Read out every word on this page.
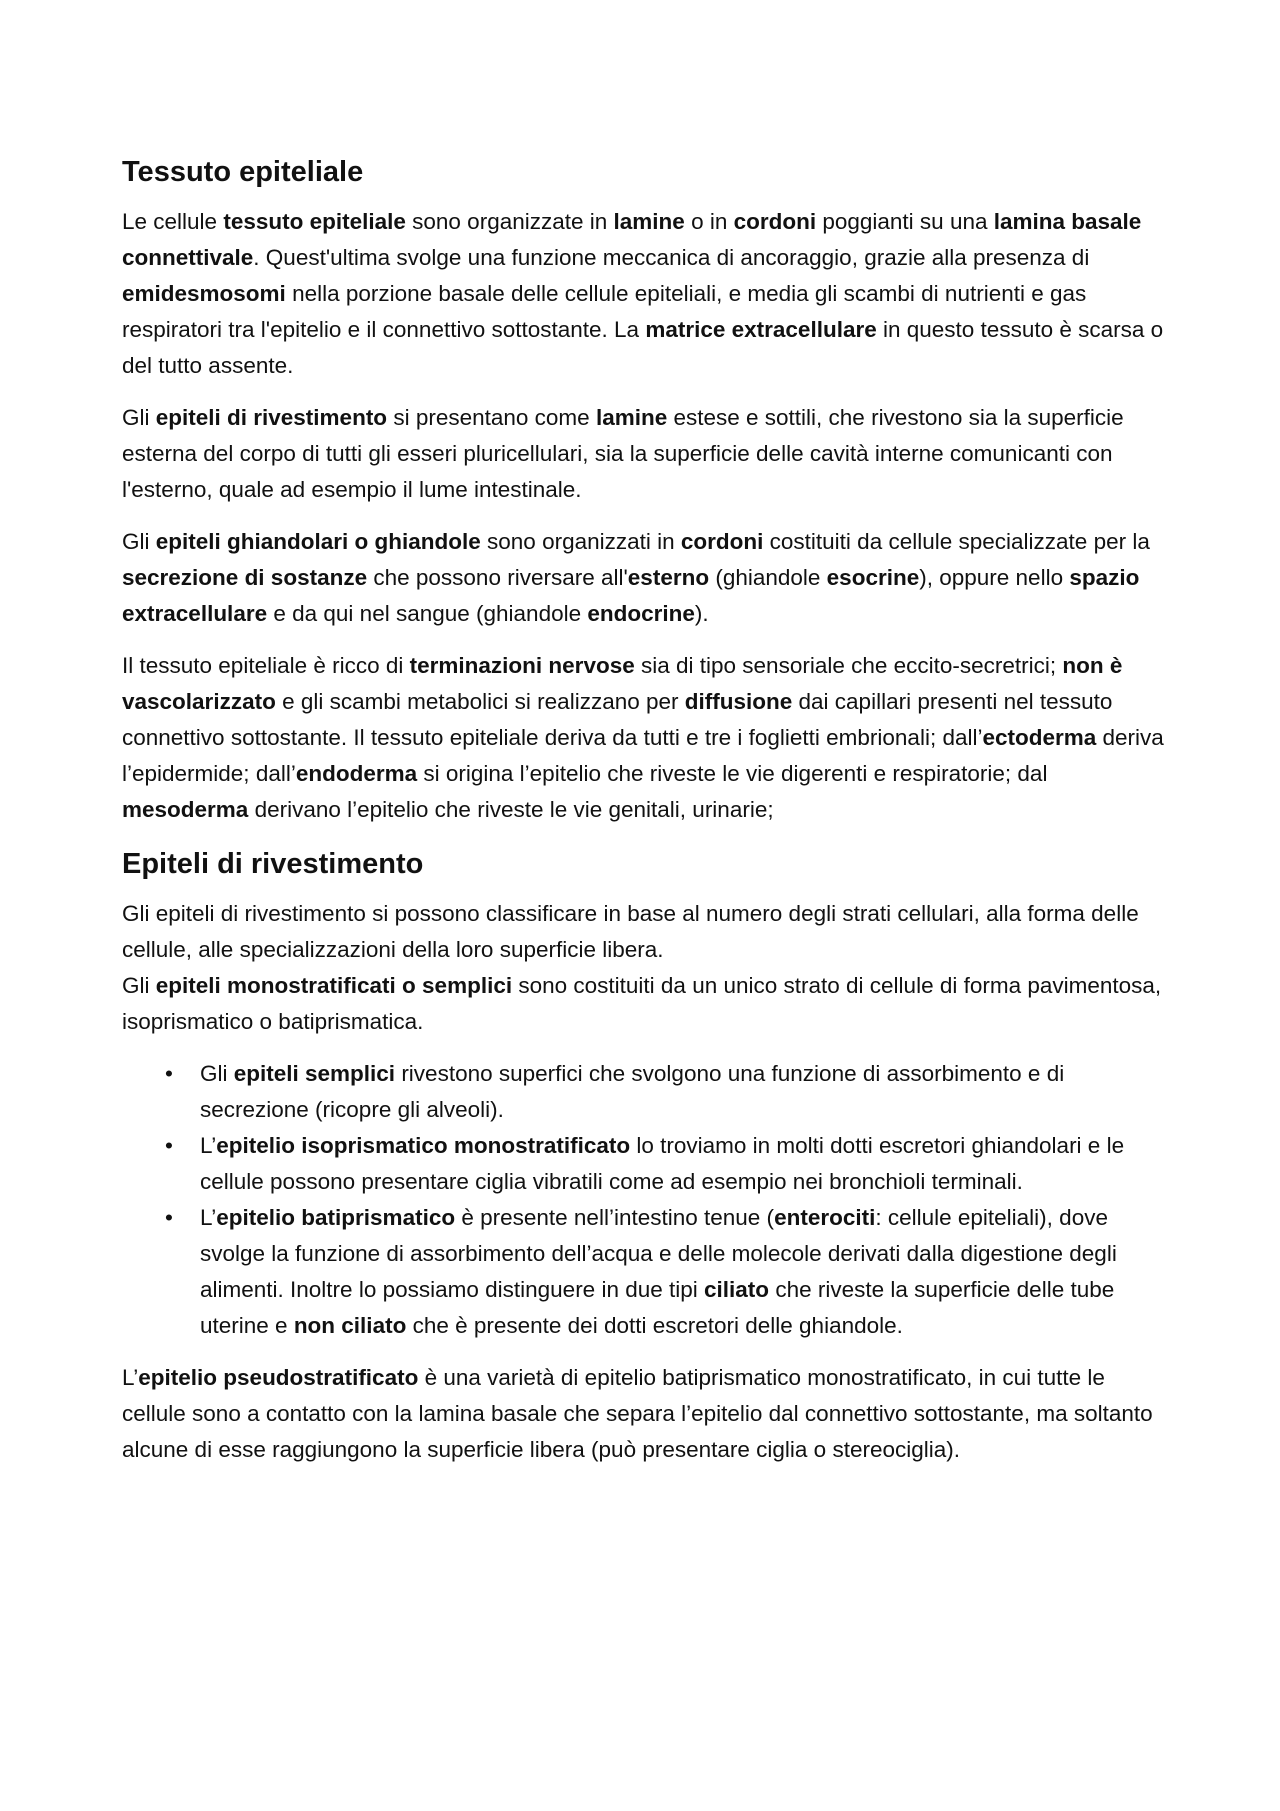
Tessuto epiteliale

Le cellule tessuto epiteliale sono organizzate in lamine o in cordoni poggianti su una lamina basale connettivale. Quest'ultima svolge una funzione meccanica di ancoraggio, grazie alla presenza di emidesmosomi nella porzione basale delle cellule epiteliali, e media gli scambi di nutrienti e gas respiratori tra l'epitelio e il connettivo sottostante. La matrice extracellulare in questo tessuto è scarsa o del tutto assente.

Gli epiteli di rivestimento si presentano come lamine estese e sottili, che rivestono sia la superficie esterna del corpo di tutti gli esseri pluricellulari, sia la superficie delle cavità interne comunicanti con l'esterno, quale ad esempio il lume intestinale.

Gli epiteli ghiandolari o ghiandole sono organizzati in cordoni costituiti da cellule specializzate per la secrezione di sostanze che possono riversare all'esterno (ghiandole esocrine), oppure nello spazio extracellulare e da qui nel sangue (ghiandole endocrine).

Il tessuto epiteliale è ricco di terminazioni nervose sia di tipo sensoriale che eccito-secretrici; non è vascolarizzato e gli scambi metabolici si realizzano per diffusione dai capillari presenti nel tessuto connettivo sottostante. Il tessuto epiteliale deriva da tutti e tre i foglietti embrionali; dall’ectoderma deriva l’epidermide; dall’endoderma si origina l’epitelio che riveste le vie digerenti e respiratorie; dal mesoderma derivano l’epitelio che riveste le vie genitali, urinarie;

Epiteli di rivestimento

Gli epiteli di rivestimento si possono classificare in base al numero degli strati cellulari, alla forma delle cellule, alle specializzazioni della loro superficie libera.

Gli epiteli monostratificati o semplici sono costituiti da un unico strato di cellule di forma pavimentosa, isoprismatico o batiprismatica.

• Gli epiteli semplici rivestono superfici che svolgono una funzione di assorbimento e di secrezione (ricopre gli alveoli).
• L’epitelio isoprismatico monostratificato lo troviamo in molti dotti escretori ghiandolari e le cellule possono presentare ciglia vibratili come ad esempio nei bronchioli terminali.
• L’epitelio batiprismatico è presente nell’intestino tenue (enterociti: cellule epiteliali), dove svolge la funzione di assorbimento dell’acqua e delle molecole derivati dalla digestione degli alimenti. Inoltre lo possiamo distinguere in due tipi ciliato che riveste la superficie delle tube uterine e non ciliato che è presente dei dotti escretori delle ghiandole.

L’epitelio pseudostratificato è una varietà di epitelio batiprismatico monostratificato, in cui tutte le cellule sono a contatto con la lamina basale che separa l’epitelio dal connettivo sottostante, ma soltanto alcune di esse raggiungono la superficie libera (può presentare ciglia o stereociglia).
